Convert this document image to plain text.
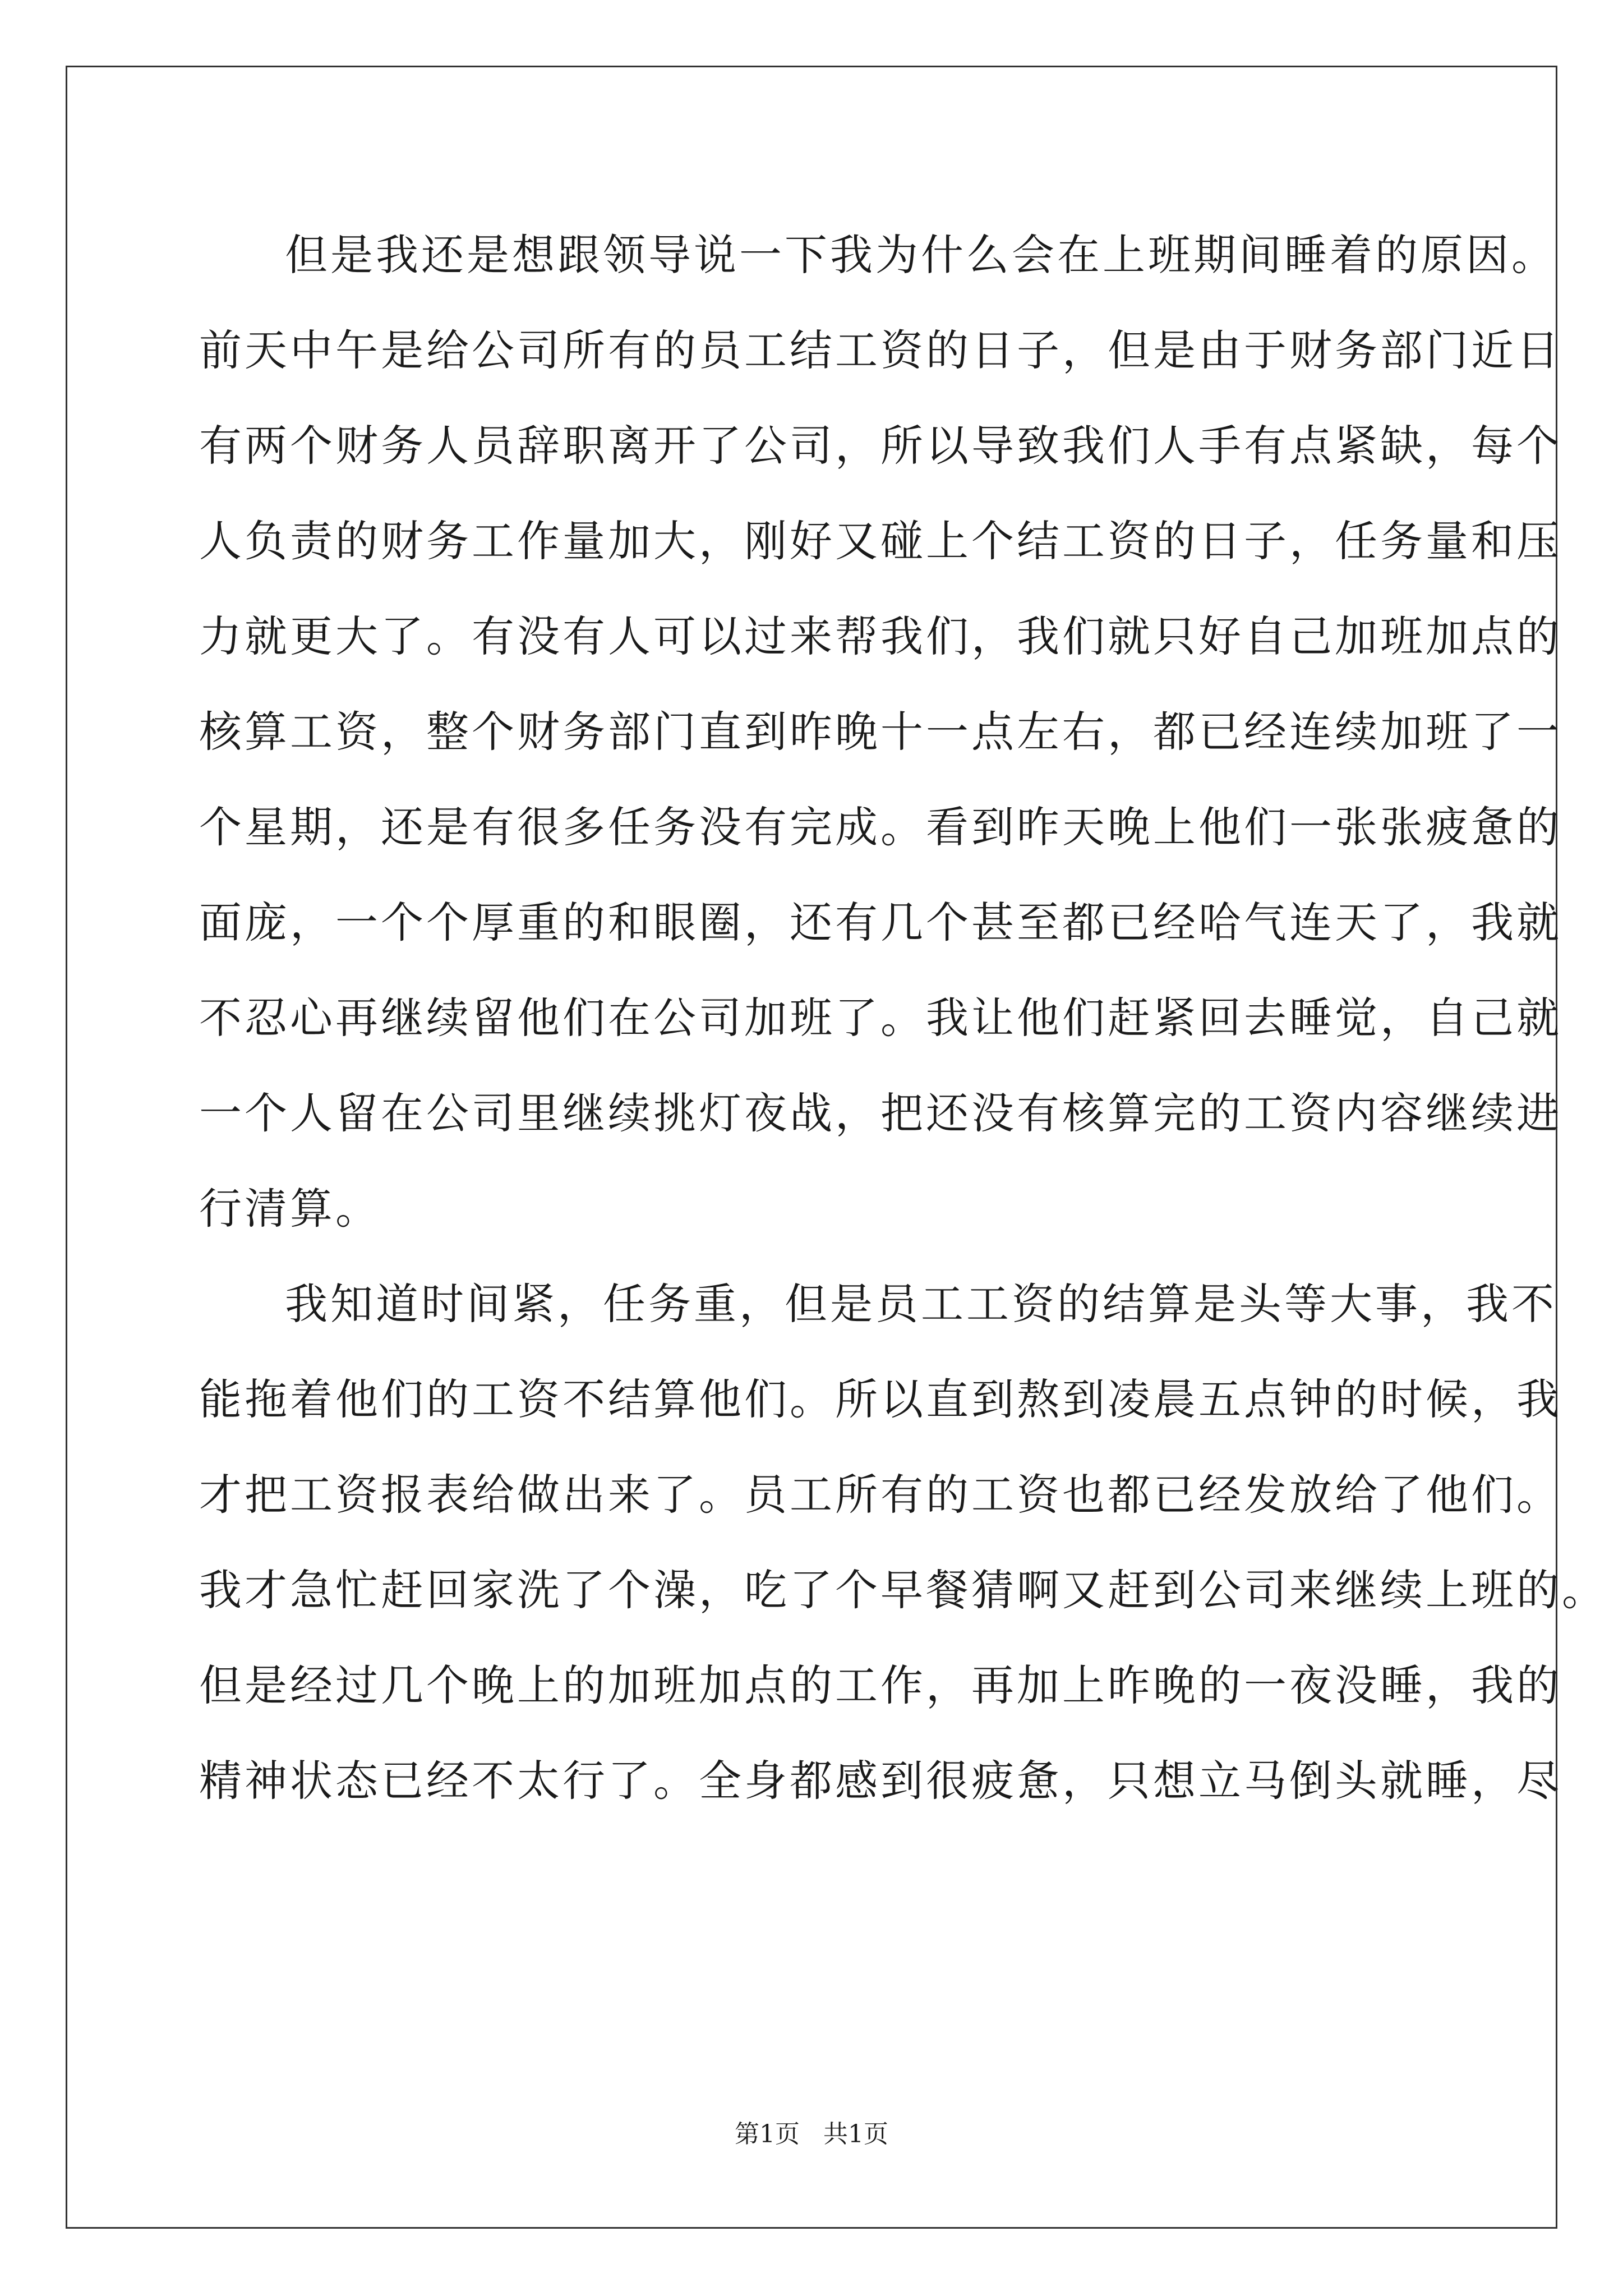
但是我还是想跟领导说一下我为什么会在上班期间睡着的原因。
前天中午是给公司所有的员工结工资的日子，但是由于财务部门近日
有两个财务人员辞职离开了公司，所以导致我们人手有点紧缺，每个
人负责的财务工作量加大，刚好又碰上个结工资的日子，任务量和压
力就更大了。有没有人可以过来帮我们，我们就只好自己加班加点的
核算工资，整个财务部门直到昨晚十一点左右，都已经连续加班了一
个星期，还是有很多任务没有完成。看到昨天晚上他们一张张疲惫的
面庞，一个个厚重的和眼圈，还有几个甚至都已经哈气连天了，我就
不忍心再继续留他们在公司加班了。我让他们赶紧回去睡觉，自己就
一个人留在公司里继续挑灯夜战，把还没有核算完的工资内容继续进
行清算。
我知道时间紧，任务重，但是员工工资的结算是头等大事，我不
能拖着他们的工资不结算他们。所以直到熬到凌晨五点钟的时候，我
才把工资报表给做出来了。员工所有的工资也都已经发放给了他们。
我才急忙赶回家洗了个澡，吃了个早餐猜啊又赶到公司来继续上班的。
但是经过几个晚上的加班加点的工作，再加上昨晚的一夜没睡，我的
精神状态已经不太行了。全身都感到很疲惫，只想立马倒头就睡，尽
第1页   共1页
